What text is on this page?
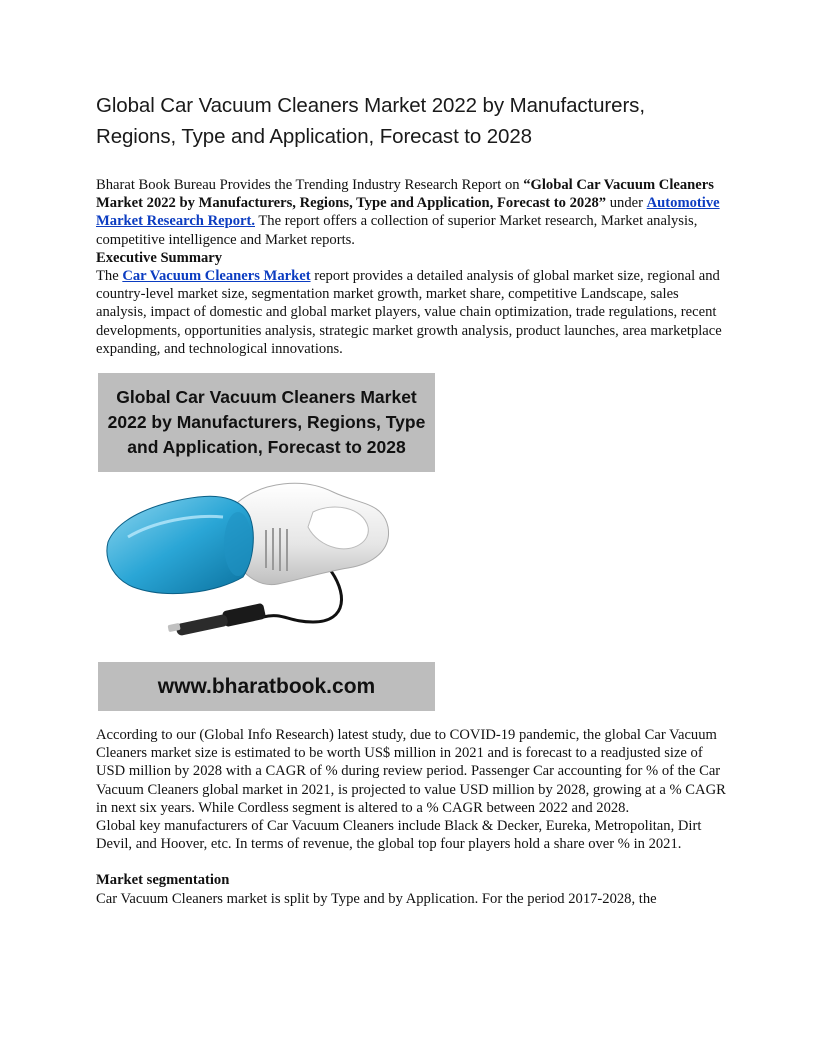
Global Car Vacuum Cleaners Market 2022 by Manufacturers, Regions, Type and Application, Forecast to 2028

Bharat Book Bureau Provides the Trending Industry Research Report on “Global Car Vacuum Cleaners Market 2022 by Manufacturers, Regions, Type and Application, Forecast to 2028” under Automotive Market Research Report. The report offers a collection of superior Market research, Market analysis, competitive intelligence and Market reports.

Executive Summary

The Car Vacuum Cleaners Market report provides a detailed analysis of global market size, regional and country-level market size, segmentation market growth, market share, competitive Landscape, sales analysis, impact of domestic and global market players, value chain optimization, trade regulations, recent developments, opportunities analysis, strategic market growth analysis, product launches, area marketplace expanding, and technological innovations.

Global Car Vacuum Cleaners Market 2022 by Manufacturers, Regions, Type and Application, Forecast to 2028
www.bharatbook.com

According to our (Global Info Research) latest study, due to COVID-19 pandemic, the global Car Vacuum Cleaners market size is estimated to be worth US$ million in 2021 and is forecast to a readjusted size of USD million by 2028 with a CAGR of % during review period. Passenger Car accounting for % of the Car Vacuum Cleaners global market in 2021, is projected to value USD million by 2028, growing at a % CAGR in next six years. While Cordless segment is altered to a % CAGR between 2022 and 2028.

Global key manufacturers of Car Vacuum Cleaners include Black & Decker, Eureka, Metropolitan, Dirt Devil, and Hoover, etc. In terms of revenue, the global top four players hold a share over % in 2021.

Market segmentation

Car Vacuum Cleaners market is split by Type and by Application. For the period 2017-2028, the
